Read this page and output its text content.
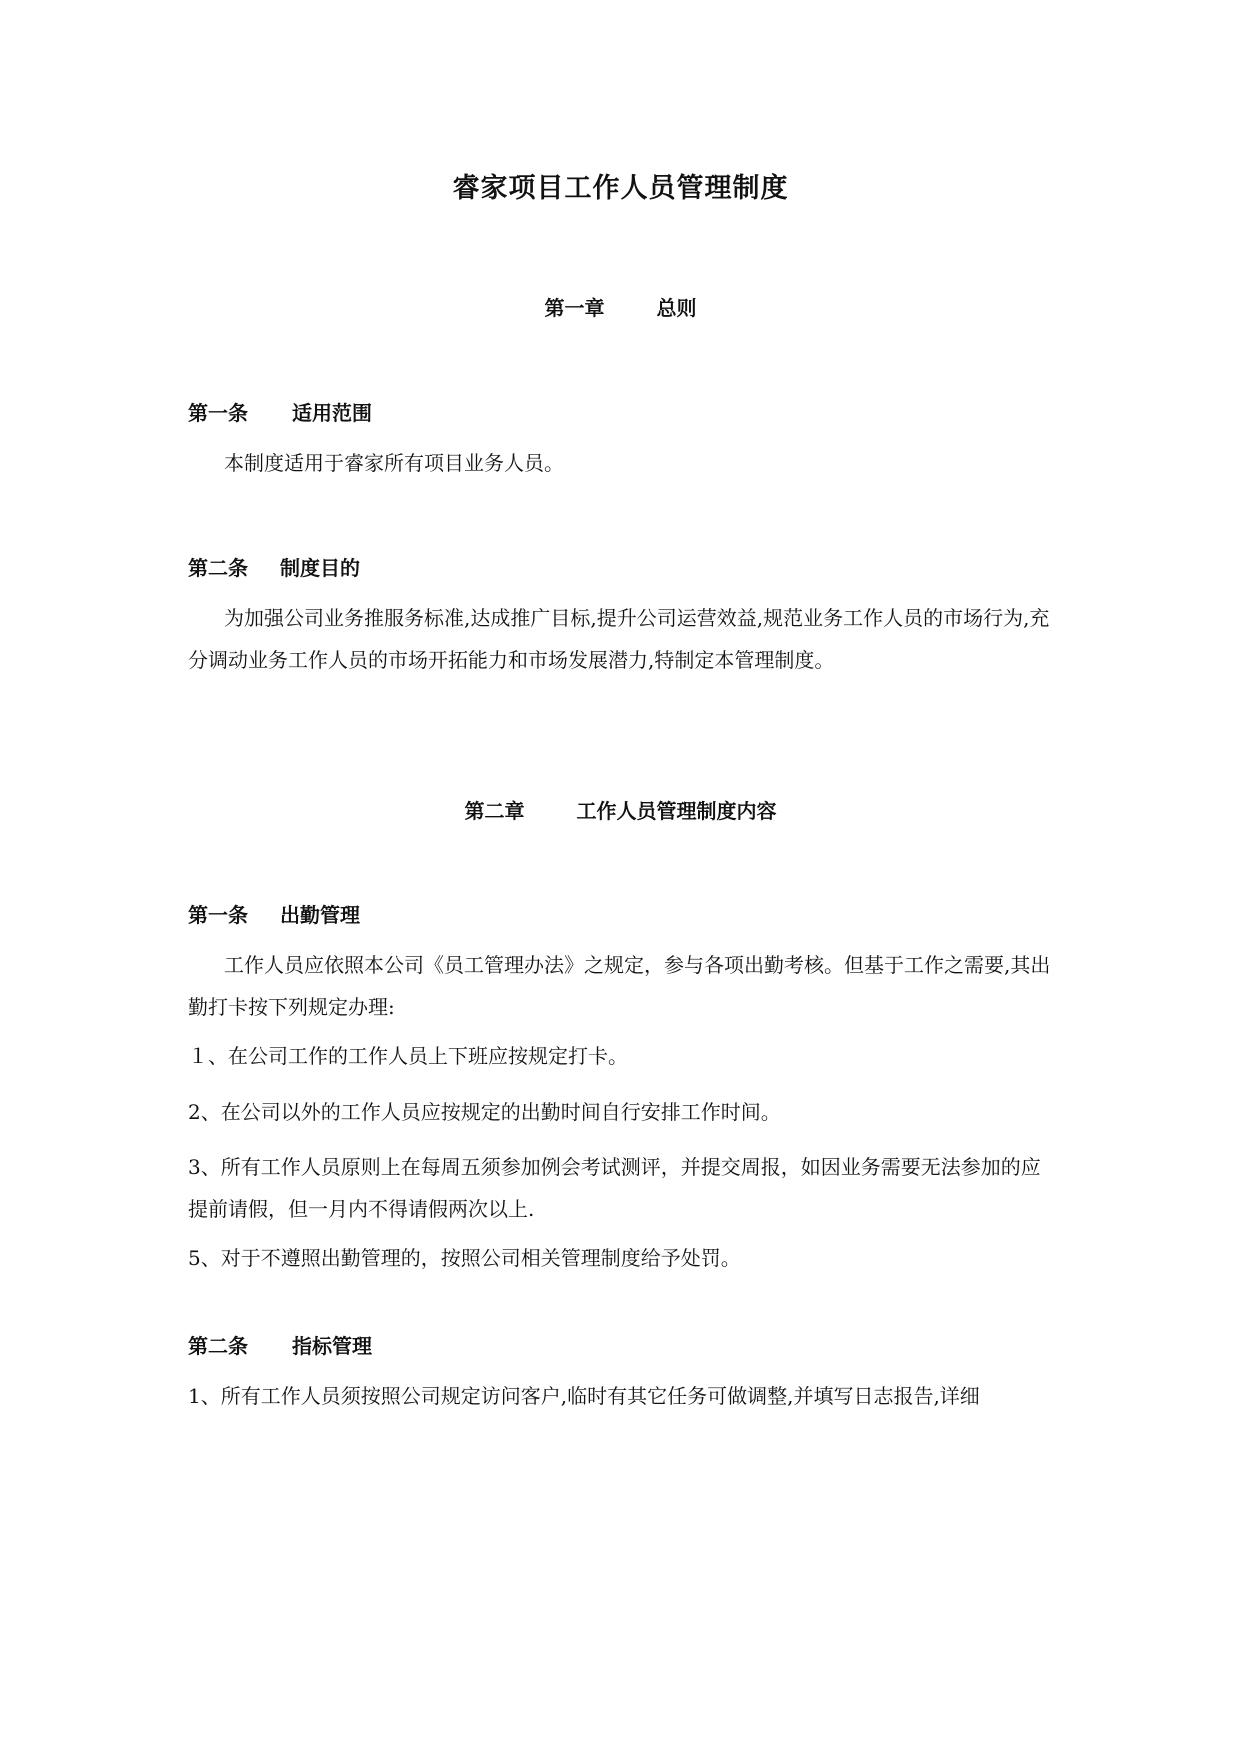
睿家项目工作人员管理制度
第一章	总则
第一条 适用范围

本制度适用于睿家所有项目业务人员。

第二条 制度目的

为加强公司业务推服务标准,达成推广目标,提升公司运营效益,规范业务工作人员的市场行为,充分调动业务工作人员的市场开拓能力和市场发展潜力,特制定本管理制度。

第二章	工作人员管理制度内容
第一条 出勤管理

工作人员应依照本公司《员工管理办法》之规定，参与各项出勤考核。但基于工作之需要,其出勤打卡按下列规定办理:

１、在公司工作的工作人员上下班应按规定打卡。

2、在公司以外的工作人员应按规定的出勤时间自行安排工作时间。

3、所有工作人员原则上在每周五须参加例会考试测评，并提交周报，如因业务需要无法参加的应提前请假，但一月内不得请假两次以上.

5、对于不遵照出勤管理的，按照公司相关管理制度给予处罚。

第二条 指标管理

1、所有工作人员须按照公司规定访问客户,临时有其它任务可做调整,并填写日志报告,详细
